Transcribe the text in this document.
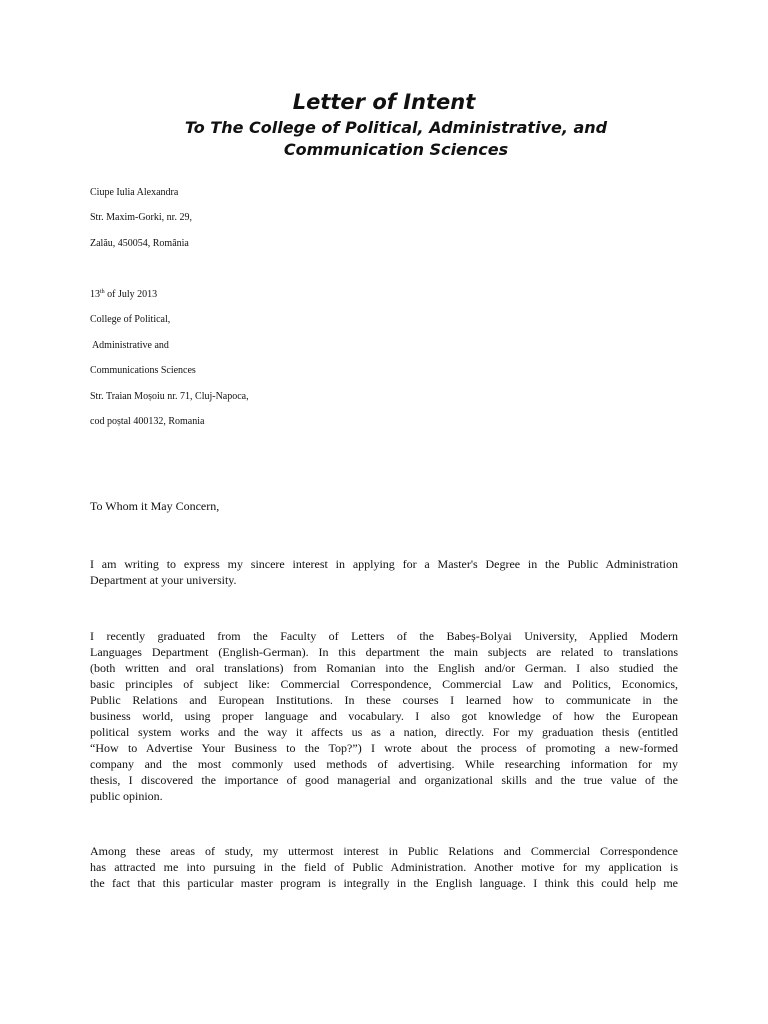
Letter of Intent
To The College of Political, Administrative, and Communication Sciences
Ciupe Iulia Alexandra
Str. Maxim-Gorki, nr. 29,
Zalău, 450054, România
13th of July 2013
College of Political,
Administrative and
Communications Sciences
Str. Traian Moșoiu nr. 71, Cluj-Napoca,
cod poștal 400132, Romania
To Whom it May Concern,
I am writing to express my sincere interest in applying for a Master's Degree in the Public Administration
Department at your university.
I recently graduated from the Faculty of Letters of the Babeș-Bolyai University, Applied Modern
Languages Department (English-German). In this department the main subjects are related to translations
(both written and oral translations) from Romanian into the English and/or German. I also studied the
basic principles of subject like: Commercial Correspondence, Commercial Law and Politics, Economics,
Public Relations and European Institutions. In these courses I learned how to communicate in the
business world, using proper language and vocabulary. I also got knowledge of how the European
political system works and the way it affects us as a nation, directly. For my graduation thesis (entitled
“How to Advertise Your Business to the Top?”) I wrote about the process of promoting a new-formed
company and the most commonly used methods of advertising. While researching information for my
thesis, I discovered the importance of good managerial and organizational skills and the true value of the
public opinion.
Among these areas of study, my uttermost interest in Public Relations and Commercial Correspondence
has attracted me into pursuing in the field of Public Administration. Another motive for my application is
the fact that this particular master program is integrally in the English language. I think this could help me
